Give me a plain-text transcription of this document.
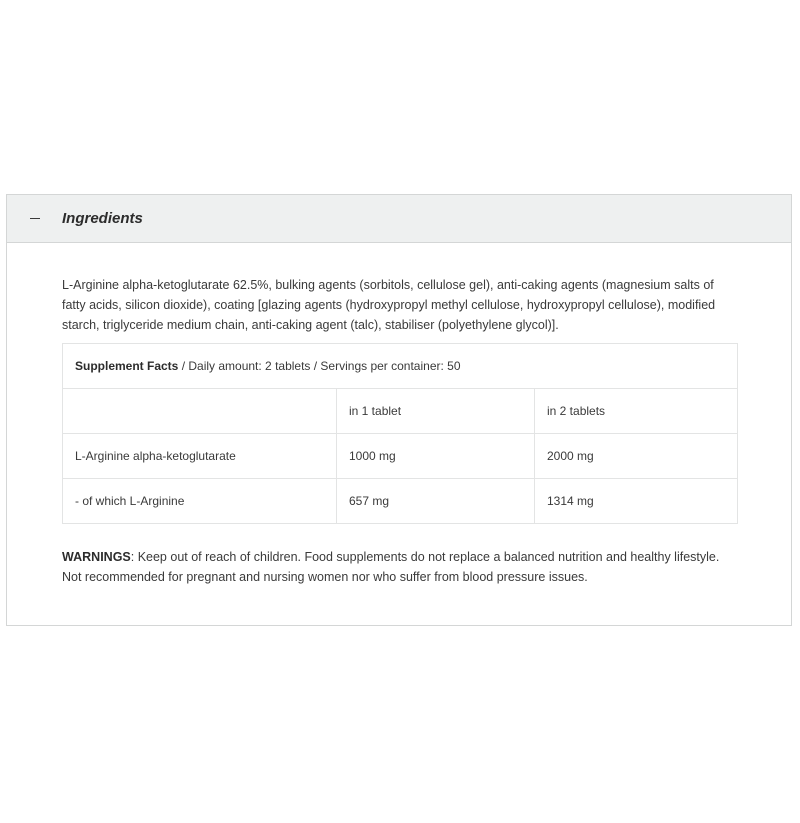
Ingredients

L-Arginine alpha-ketoglutarate 62.5%, bulking agents (sorbitols, cellulose gel), anti-caking agents (magnesium salts of fatty acids, silicon dioxide), coating [glazing agents (hydroxypropyl methyl cellulose, hydroxypropyl cellulose), modified starch, triglyceride medium chain, anti-caking agent (talc), stabiliser (polyethylene glycol)].

Supplement Facts / Daily amount: 2 tablets / Servings per container: 50		
	in 1 tablet	in 2 tablets
L-Arginine alpha-ketoglutarate	1000 mg	2000 mg
- of which L-Arginine	657 mg	1314 mg

WARNINGS: Keep out of reach of children. Food supplements do not replace a balanced nutrition and healthy lifestyle. Not recommended for pregnant and nursing women nor who suffer from blood pressure issues.
